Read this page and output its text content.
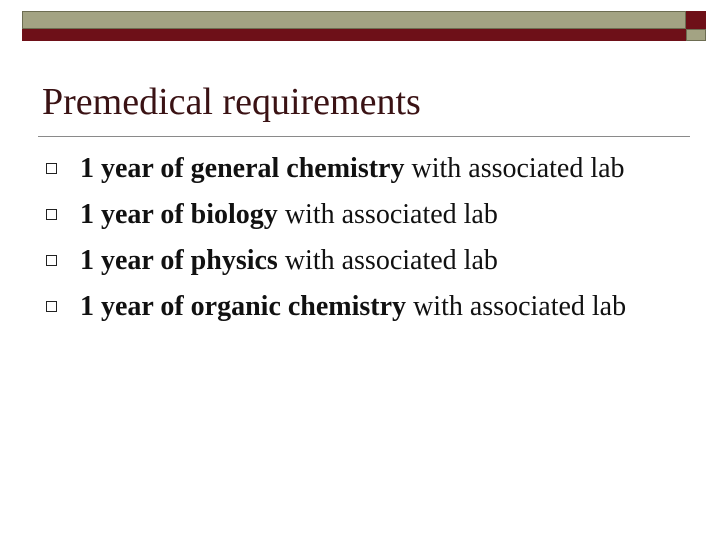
Premedical requirements
1 year of general chemistry with associated lab
1 year of biology with associated lab
1 year of physics with associated lab
1 year of organic chemistry with associated lab
